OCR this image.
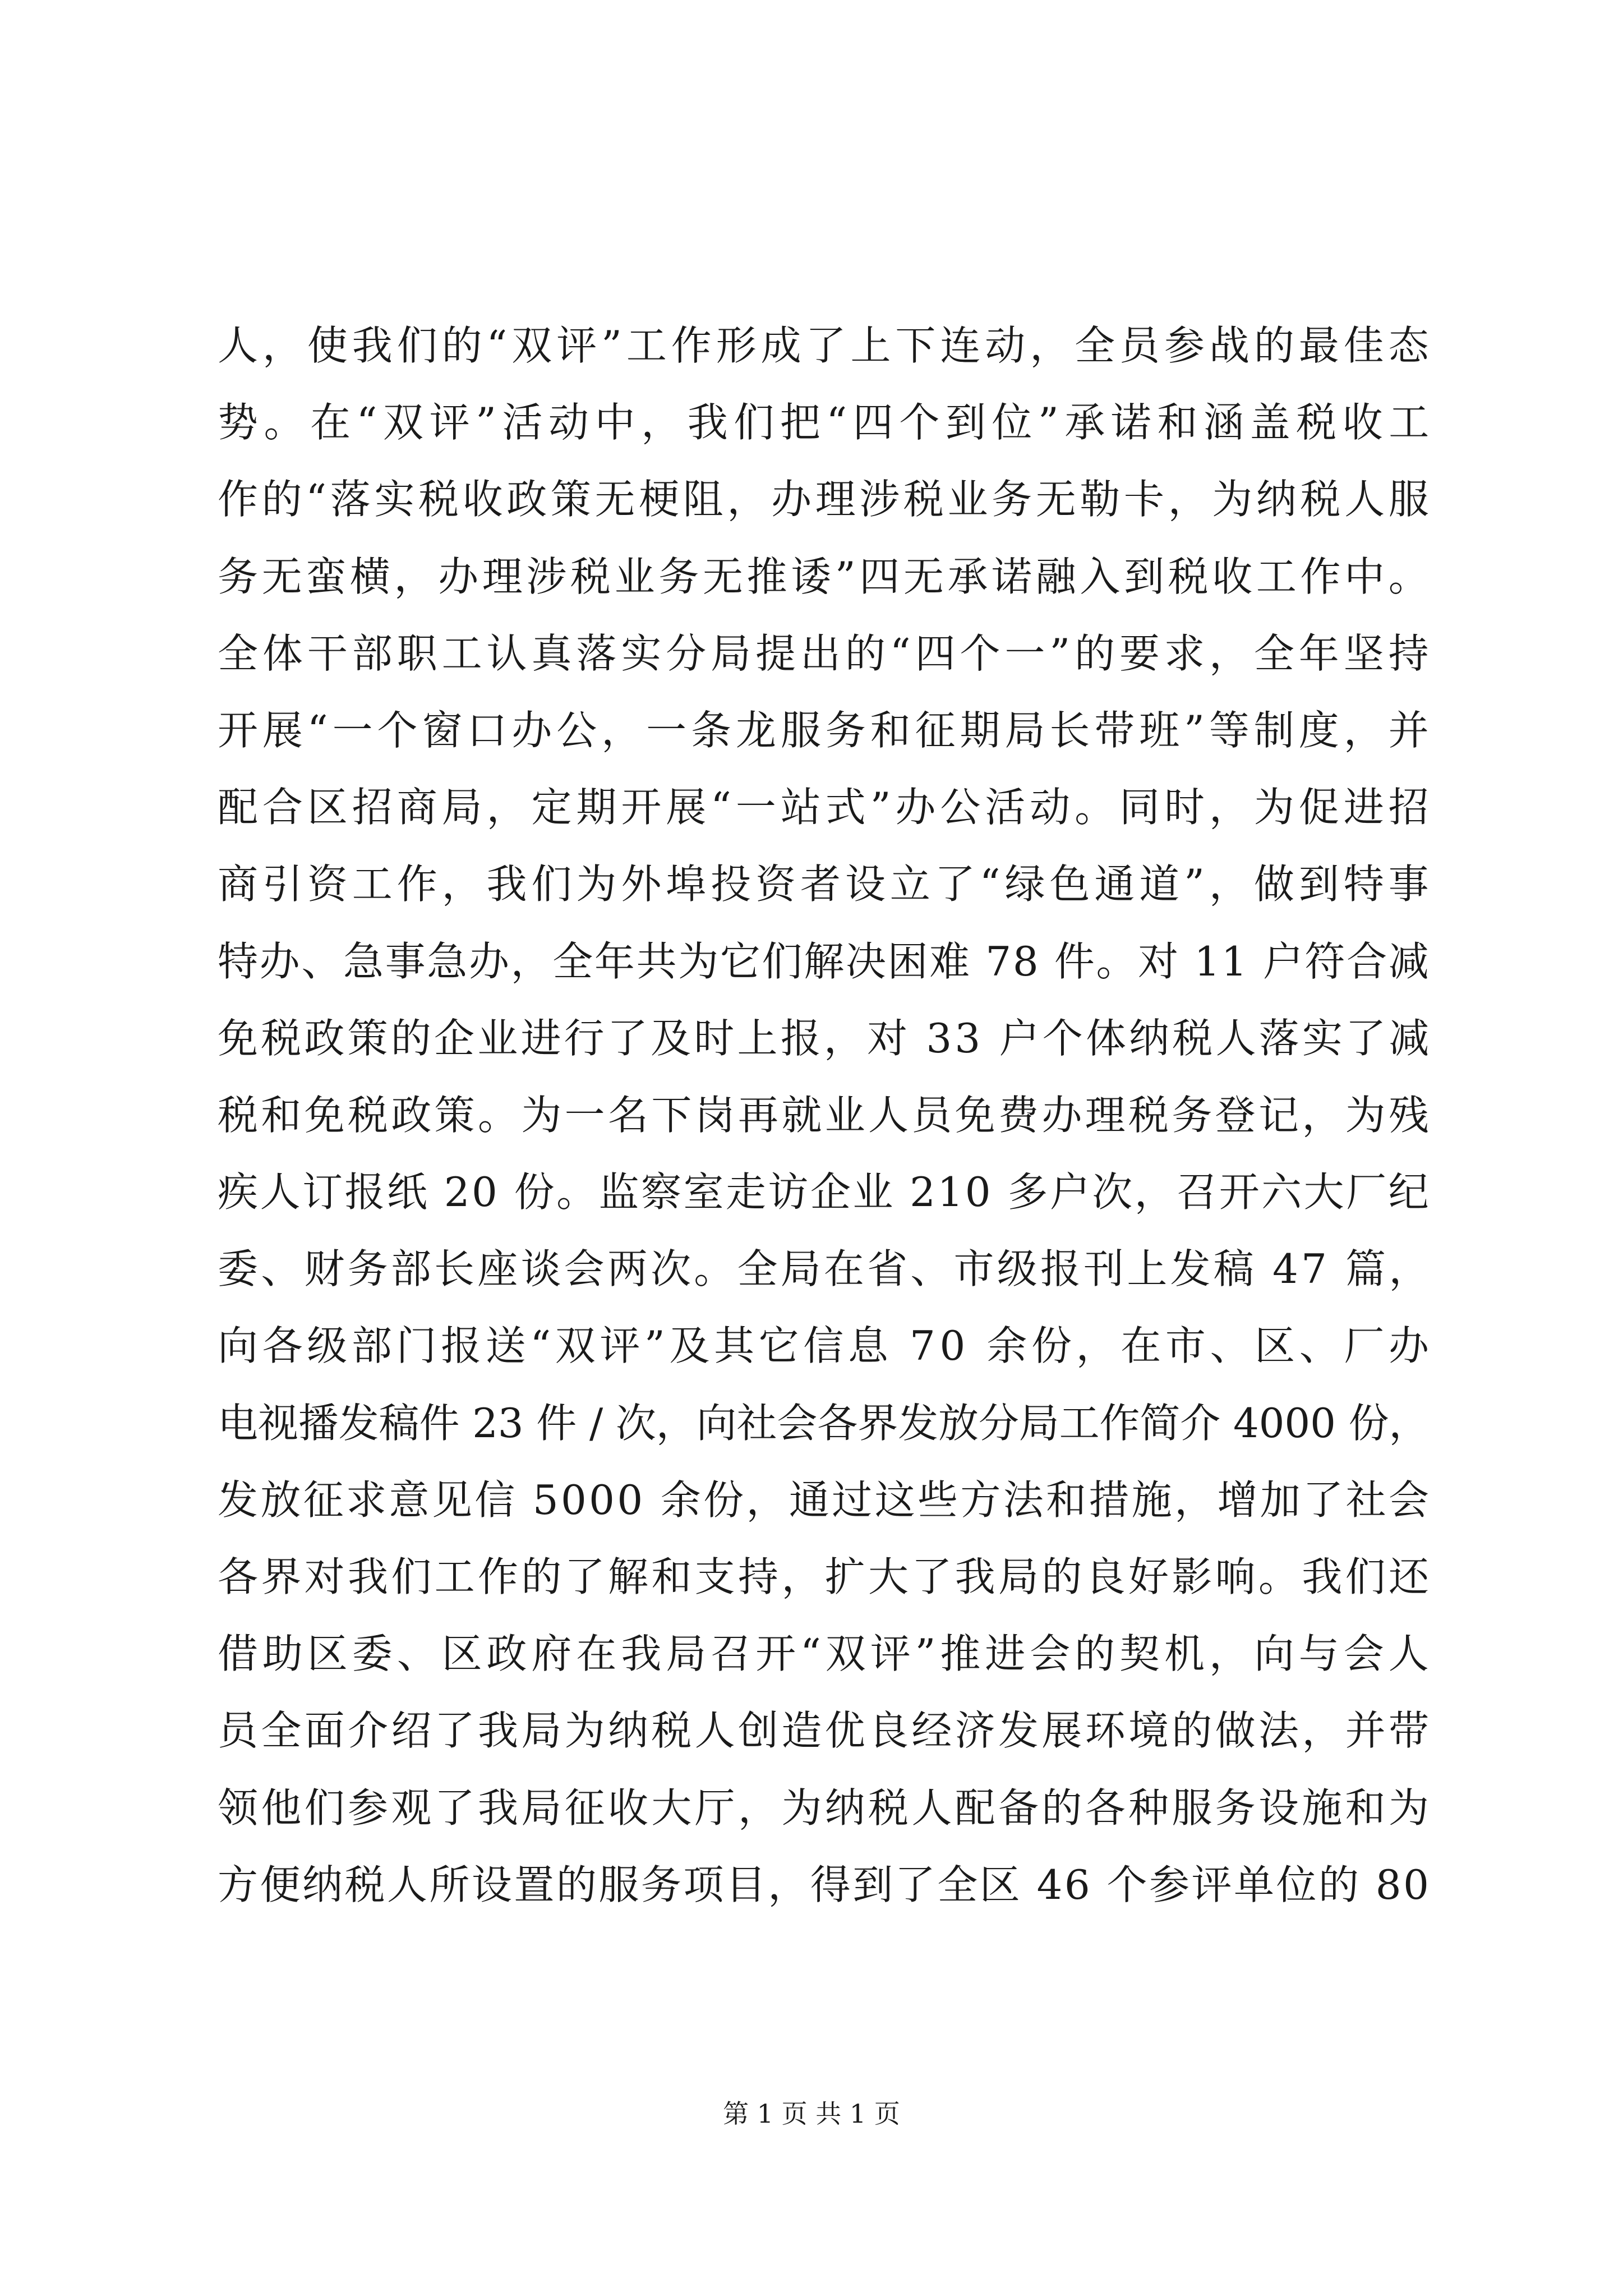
人，使我们的“双评”工作形成了上下连动，全员参战的最佳态
势。在“双评”活动中，我们把“四个到位”承诺和涵盖税收工
作的“落实税收政策无梗阻，办理涉税业务无勒卡，为纳税人服
务无蛮横，办理涉税业务无推诿”四无承诺融入到税收工作中。
全体干部职工认真落实分局提出的“四个一”的要求，全年坚持
开展“一个窗口办公，一条龙服务和征期局长带班”等制度，并
配合区招商局，定期开展“一站式”办公活动。同时，为促进招
商引资工作，我们为外埠投资者设立了“绿色通道”，做到特事
特办、急事急办，全年共为它们解决困难 78 件。对 11 户符合减
免税政策的企业进行了及时上报，对 33 户个体纳税人落实了减
税和免税政策。为一名下岗再就业人员免费办理税务登记，为残
疾人订报纸 20 份。监察室走访企业 210 多户次，召开六大厂纪
委、财务部长座谈会两次。全局在省、市级报刊上发稿 47 篇，
向各级部门报送“双评”及其它信息 70 余份，在市、区、厂办
电视播发稿件 23 件 / 次，向社会各界发放分局工作简介 4000 份，
发放征求意见信 5000 余份，通过这些方法和措施，增加了社会
各界对我们工作的了解和支持，扩大了我局的良好影响。我们还
借助区委、区政府在我局召开“双评”推进会的契机，向与会人
员全面介绍了我局为纳税人创造优良经济发展环境的做法，并带
领他们参观了我局征收大厅，为纳税人配备的各种服务设施和为
方便纳税人所设置的服务项目，得到了全区 46 个参评单位的 80
第 1 页 共 1 页
